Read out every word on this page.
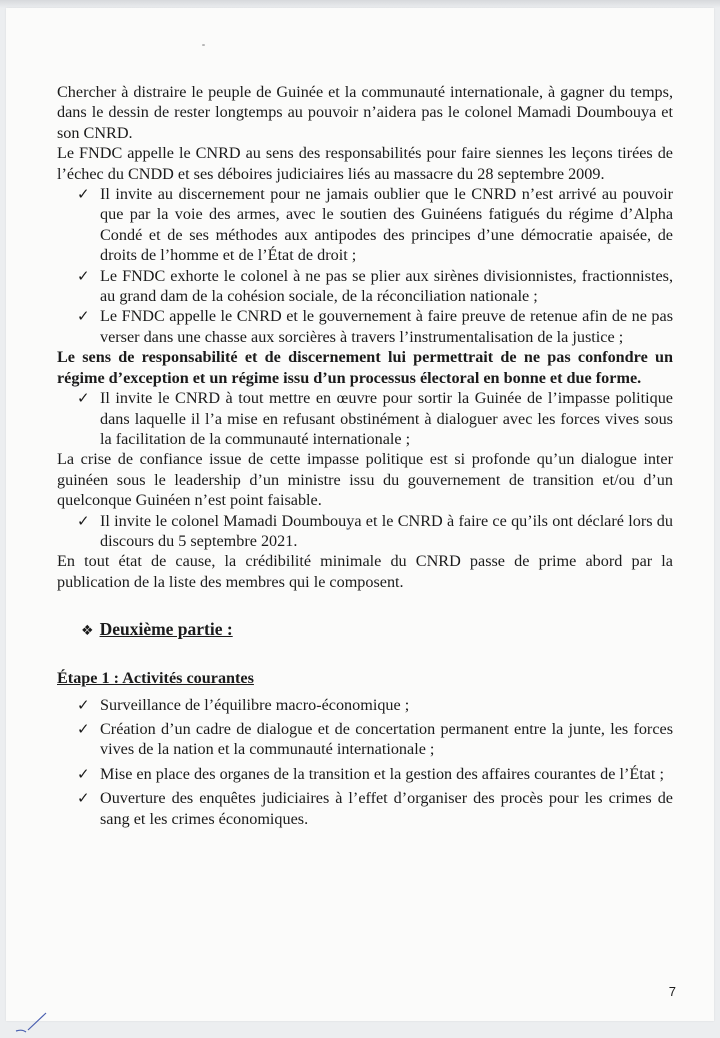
7

Chercher à distraire le peuple de Guinée et la communauté internationale, à gagner du temps, dans le dessin de rester longtemps au pouvoir n’aidera pas le colonel Mamadi Doumbouya et son CNRD.

Le FNDC appelle le CNRD au sens des responsabilités pour faire siennes les leçons tirées de l’échec du CNDD et ses déboires judiciaires liés au massacre du 28 septembre 2009.

✓ Il invite au discernement pour ne jamais oublier que le CNRD n’est arrivé au pouvoir que par la voie des armes, avec le soutien des Guinéens fatigués du régime d’Alpha Condé et de ses méthodes aux antipodes des principes d’une démocratie apaisée, de droits de l’homme et de l’État de droit ;
✓ Le FNDC exhorte le colonel à ne pas se plier aux sirènes divisionnistes, fractionnistes, au grand dam de la cohésion sociale, de la réconciliation nationale ;
✓ Le FNDC appelle le CNRD et le gouvernement à faire preuve de retenue afin de ne pas verser dans une chasse aux sorcières à travers l’instrumentalisation de la justice ;

Le sens de responsabilité et de discernement lui permettrait de ne pas confondre un régime d’exception et un régime issu d’un processus électoral en bonne et due forme.

✓ Il invite le CNRD à tout mettre en œuvre pour sortir la Guinée de l’impasse politique dans laquelle il l’a mise en refusant obstinément à dialoguer avec les forces vives sous la facilitation de la communauté internationale ;

La crise de confiance issue de cette impasse politique est si profonde qu’un dialogue inter guinéen sous le leadership d’un ministre issu du gouvernement de transition et/ou d’un quelconque Guinéen n’est point faisable.

✓ Il invite le colonel Mamadi Doumbouya et le CNRD à faire ce qu’ils ont déclaré lors du discours du 5 septembre 2021.

En tout état de cause, la crédibilité minimale du CNRD passe de prime abord par la publication de la liste des membres qui le composent.

❖ Deuxième partie :
Étape 1 : Activités courantes
✓ Surveillance de l’équilibre macro-économique ;
✓ Création d’un cadre de dialogue et de concertation permanent entre la junte, les forces vives de la nation et la communauté internationale ;
✓ Mise en place des organes de la transition et la gestion des affaires courantes de l’État ;
✓ Ouverture des enquêtes judiciaires à l’effet d’organiser des procès pour les crimes de sang et les crimes économiques.
